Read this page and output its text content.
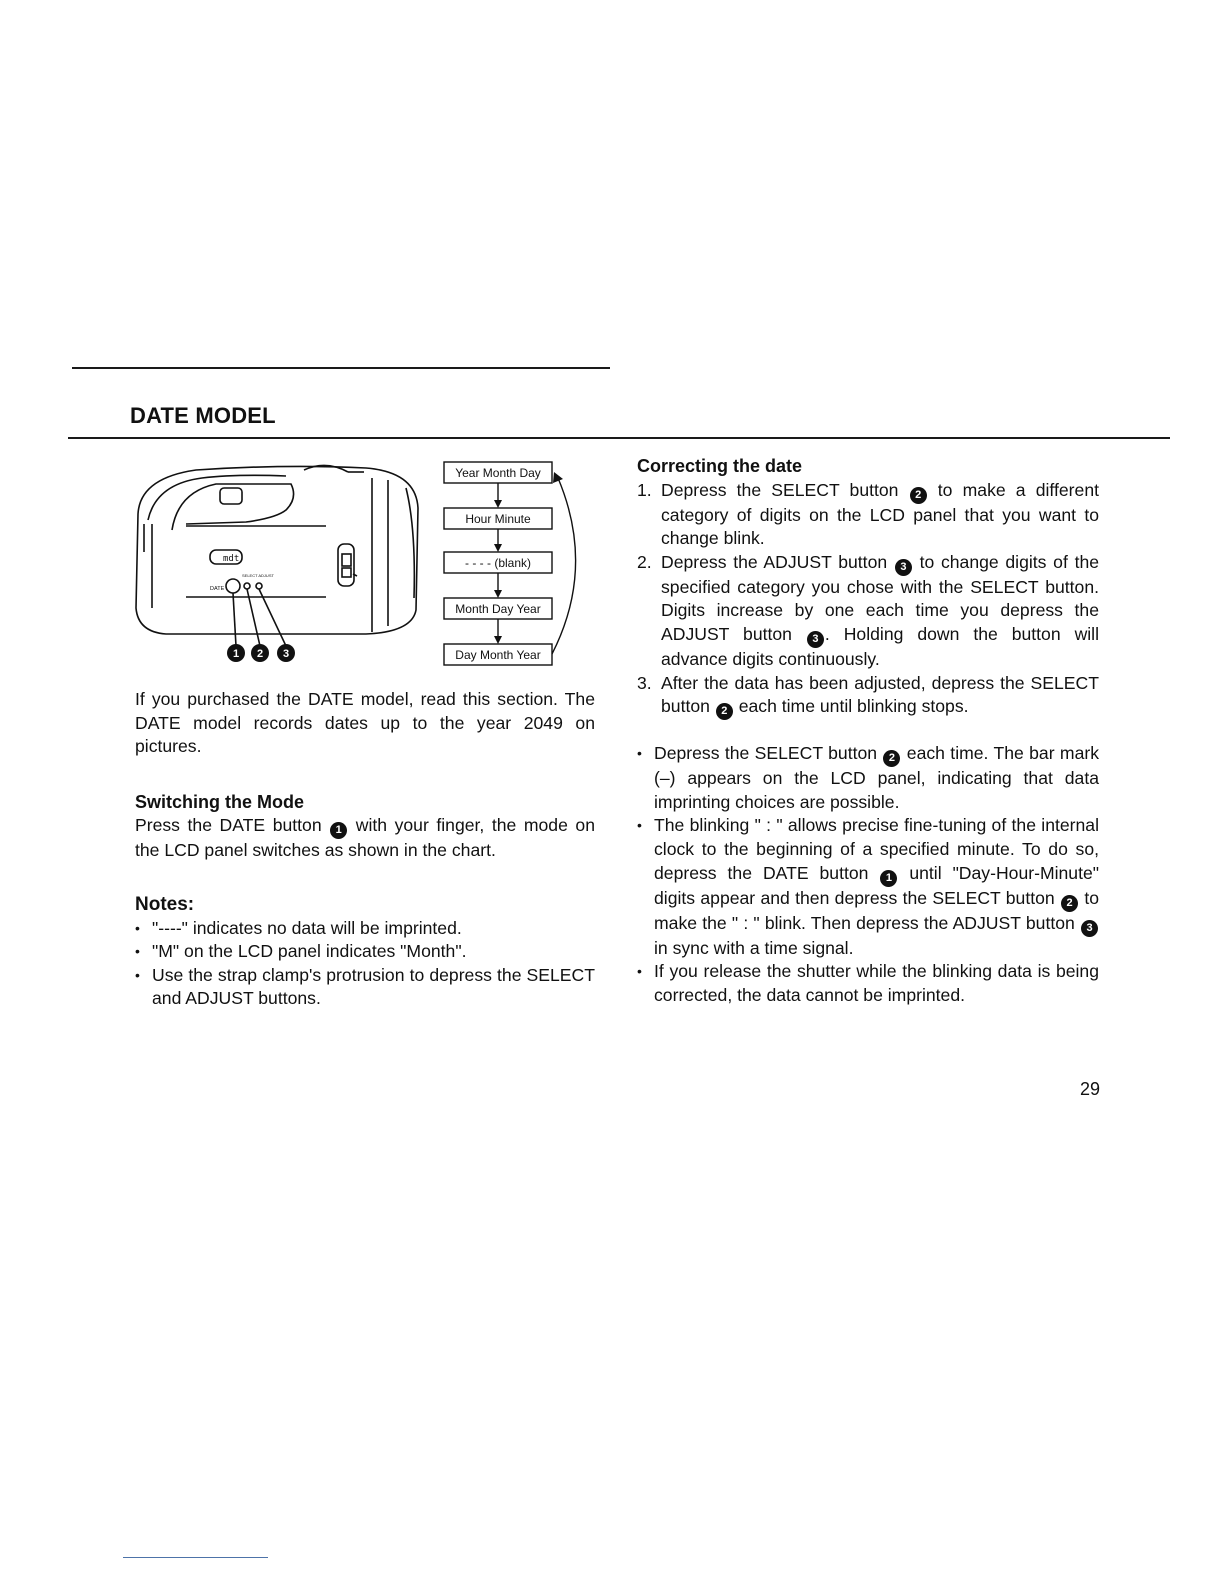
DATE MODEL
mdt
DATE
SELECT ADJUST
1 2 3
Year Month Day
Hour Minute
- - - - (blank)
Month Day Year
Day Month Year

If you purchased the DATE model, read this section. The DATE model records dates up to the year 2049 on pictures.

Switching the Mode

Press the DATE button 1 with your finger, the mode on the LCD panel switches as shown in the chart.

Notes:
• "----" indicates no data will be imprinted.
• "M" on the LCD panel indicates "Month".
• Use the strap clamp's protrusion to depress the SELECT and ADJUST buttons.
Correcting the date
1. Depress the SELECT button 2 to make a different category of digits on the LCD panel that you want to change blink.
2. Depress the ADJUST button 3 to change digits of the specified category you chose with the SELECT button. Digits increase by one each time you depress the ADJUST button 3 . Holding down the button will advance digits continuously.
3. After the data has been adjusted, depress the SELECT button 2 each time until blinking stops.
• Depress the SELECT button 2 each time. The bar mark (–) appears on the LCD panel, indicating that data imprinting choices are possible.
• The blinking " : " allows precise fine-tuning of the internal clock to the beginning of a specified minute. To do so, depress the DATE button 1 until "Day-Hour-Minute" digits appear and then depress the SELECT button 2 to make the " : " blink. Then depress the ADJUST button 3 in sync with a time signal.
• If you release the shutter while the blinking data is being corrected, the data cannot be imprinted.
29
